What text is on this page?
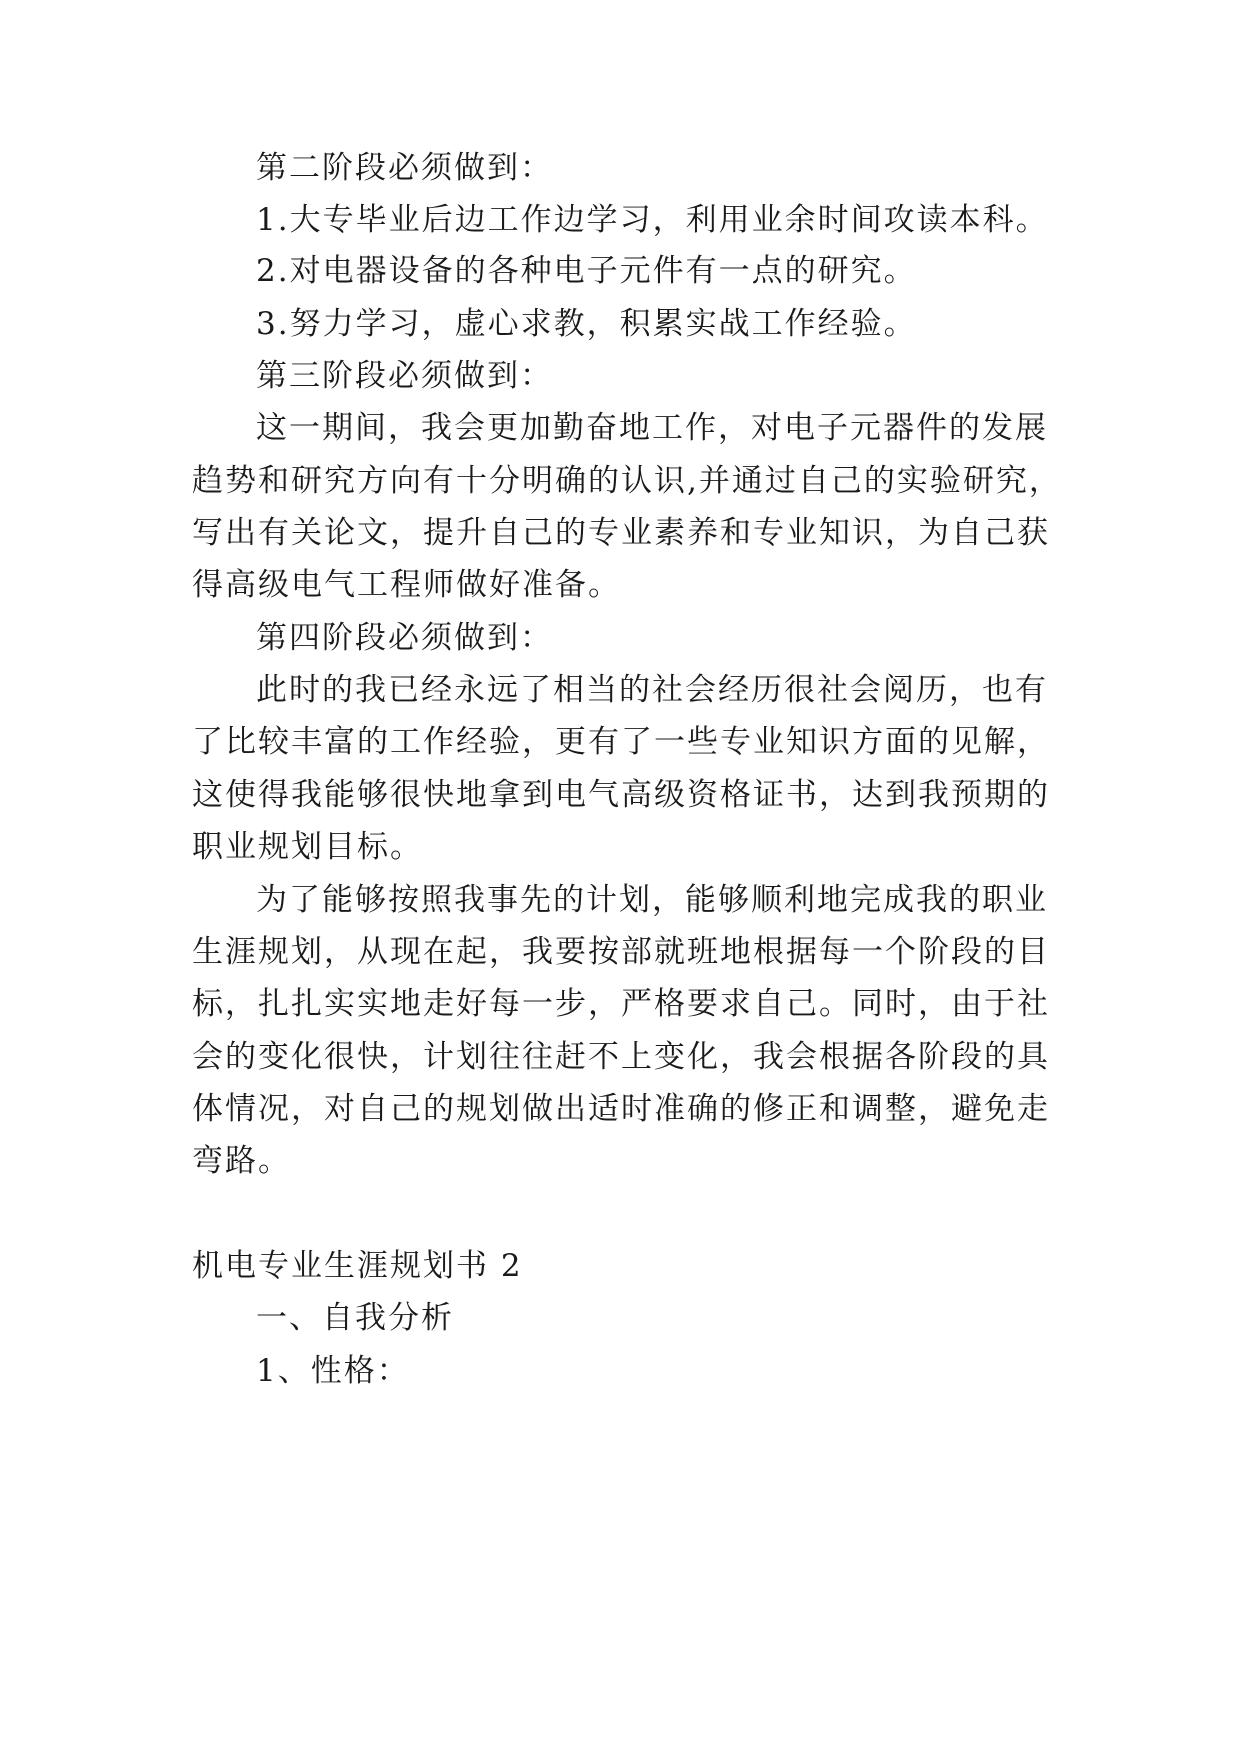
第二阶段必须做到：
1.大专毕业后边工作边学习，利用业余时间攻读本科。
2.对电器设备的各种电子元件有一点的研究。
3.努力学习，虚心求教，积累实战工作经验。
第三阶段必须做到：
这一期间，我会更加勤奋地工作，对电子元器件的发展
趋势和研究方向有十分明确的认识,并通过自己的实验研究，
写出有关论文，提升自己的专业素养和专业知识，为自己获
得高级电气工程师做好准备。
第四阶段必须做到：
此时的我已经永远了相当的社会经历很社会阅历，也有
了比较丰富的工作经验，更有了一些专业知识方面的见解，
这使得我能够很快地拿到电气高级资格证书，达到我预期的
职业规划目标。
为了能够按照我事先的计划，能够顺利地完成我的职业
生涯规划，从现在起，我要按部就班地根据每一个阶段的目
标，扎扎实实地走好每一步，严格要求自己。同时，由于社
会的变化很快，计划往往赶不上变化，我会根据各阶段的具
体情况，对自己的规划做出适时准确的修正和调整，避免走
弯路。
机电专业生涯规划书 2
一、自我分析
1、性格：
